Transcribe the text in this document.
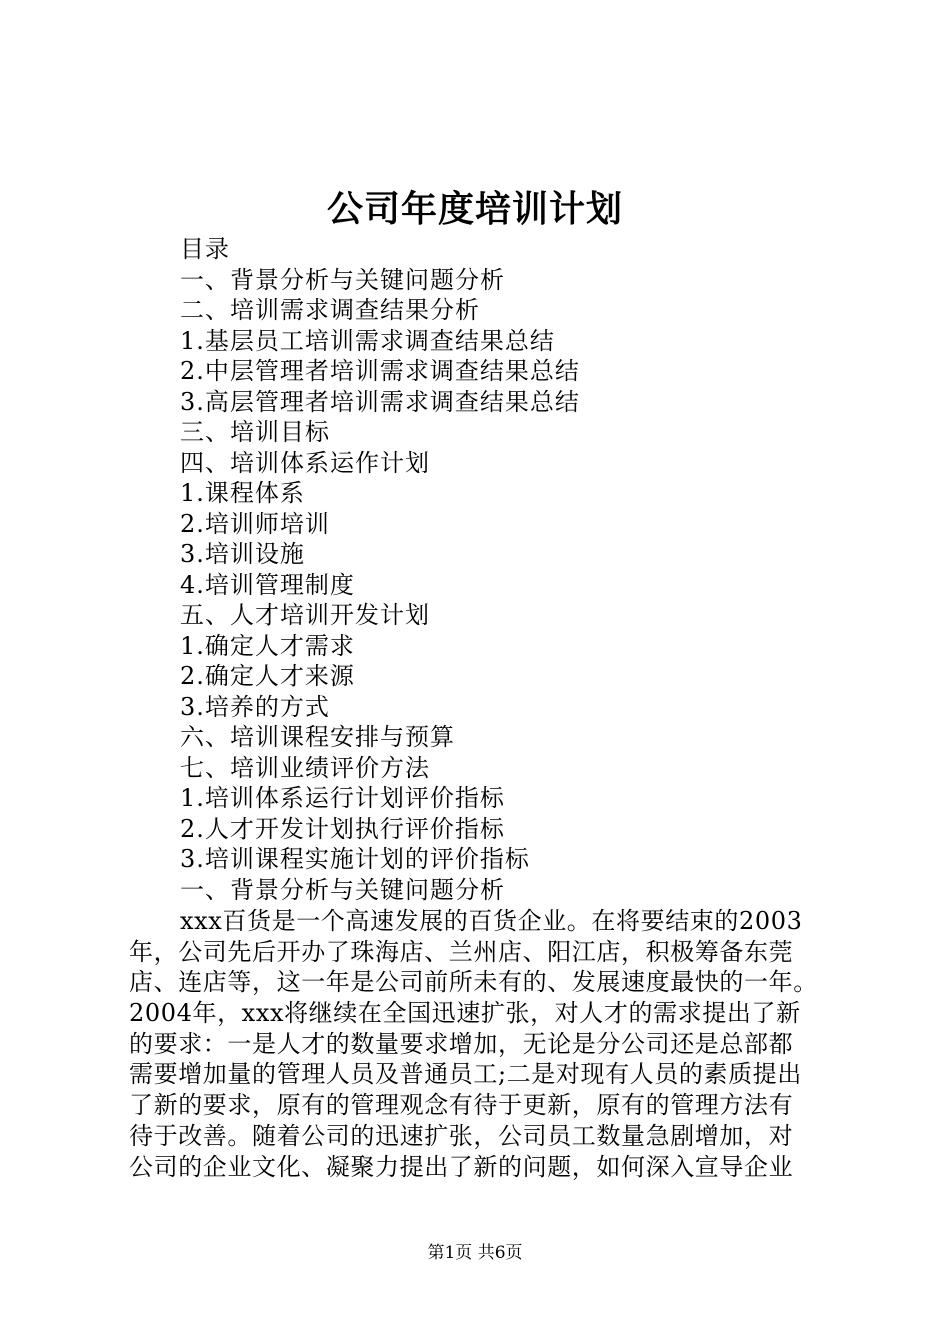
公司年度培训计划
目录
一、背景分析与关键问题分析
二、培训需求调查结果分析
1.基层员工培训需求调查结果总结
2.中层管理者培训需求调查结果总结
3.高层管理者培训需求调查结果总结
三、培训目标
四、培训体系运作计划
1.课程体系
2.培训师培训
3.培训设施
4.培训管理制度
五、人才培训开发计划
1.确定人才需求
2.确定人才来源
3.培养的方式
六、培训课程安排与预算
七、培训业绩评价方法
1.培训体系运行计划评价指标
2.人才开发计划执行评价指标
3.培训课程实施计划的评价指标
一、背景分析与关键问题分析
xxx百货是一个高速发展的百货企业。在将要结束的2003
年，公司先后开办了珠海店、兰州店、阳江店，积极筹备东莞
店、连店等，这一年是公司前所未有的、发展速度最快的一年。
2004年，xxx将继续在全国迅速扩张，对人才的需求提出了新
的要求：一是人才的数量要求增加，无论是分公司还是总部都
需要增加量的管理人员及普通员工;二是对现有人员的素质提出
了新的要求，原有的管理观念有待于更新，原有的管理方法有
待于改善。随着公司的迅速扩张，公司员工数量急剧增加，对
公司的企业文化、凝聚力提出了新的问题，如何深入宣导企业
第1页 共6页
